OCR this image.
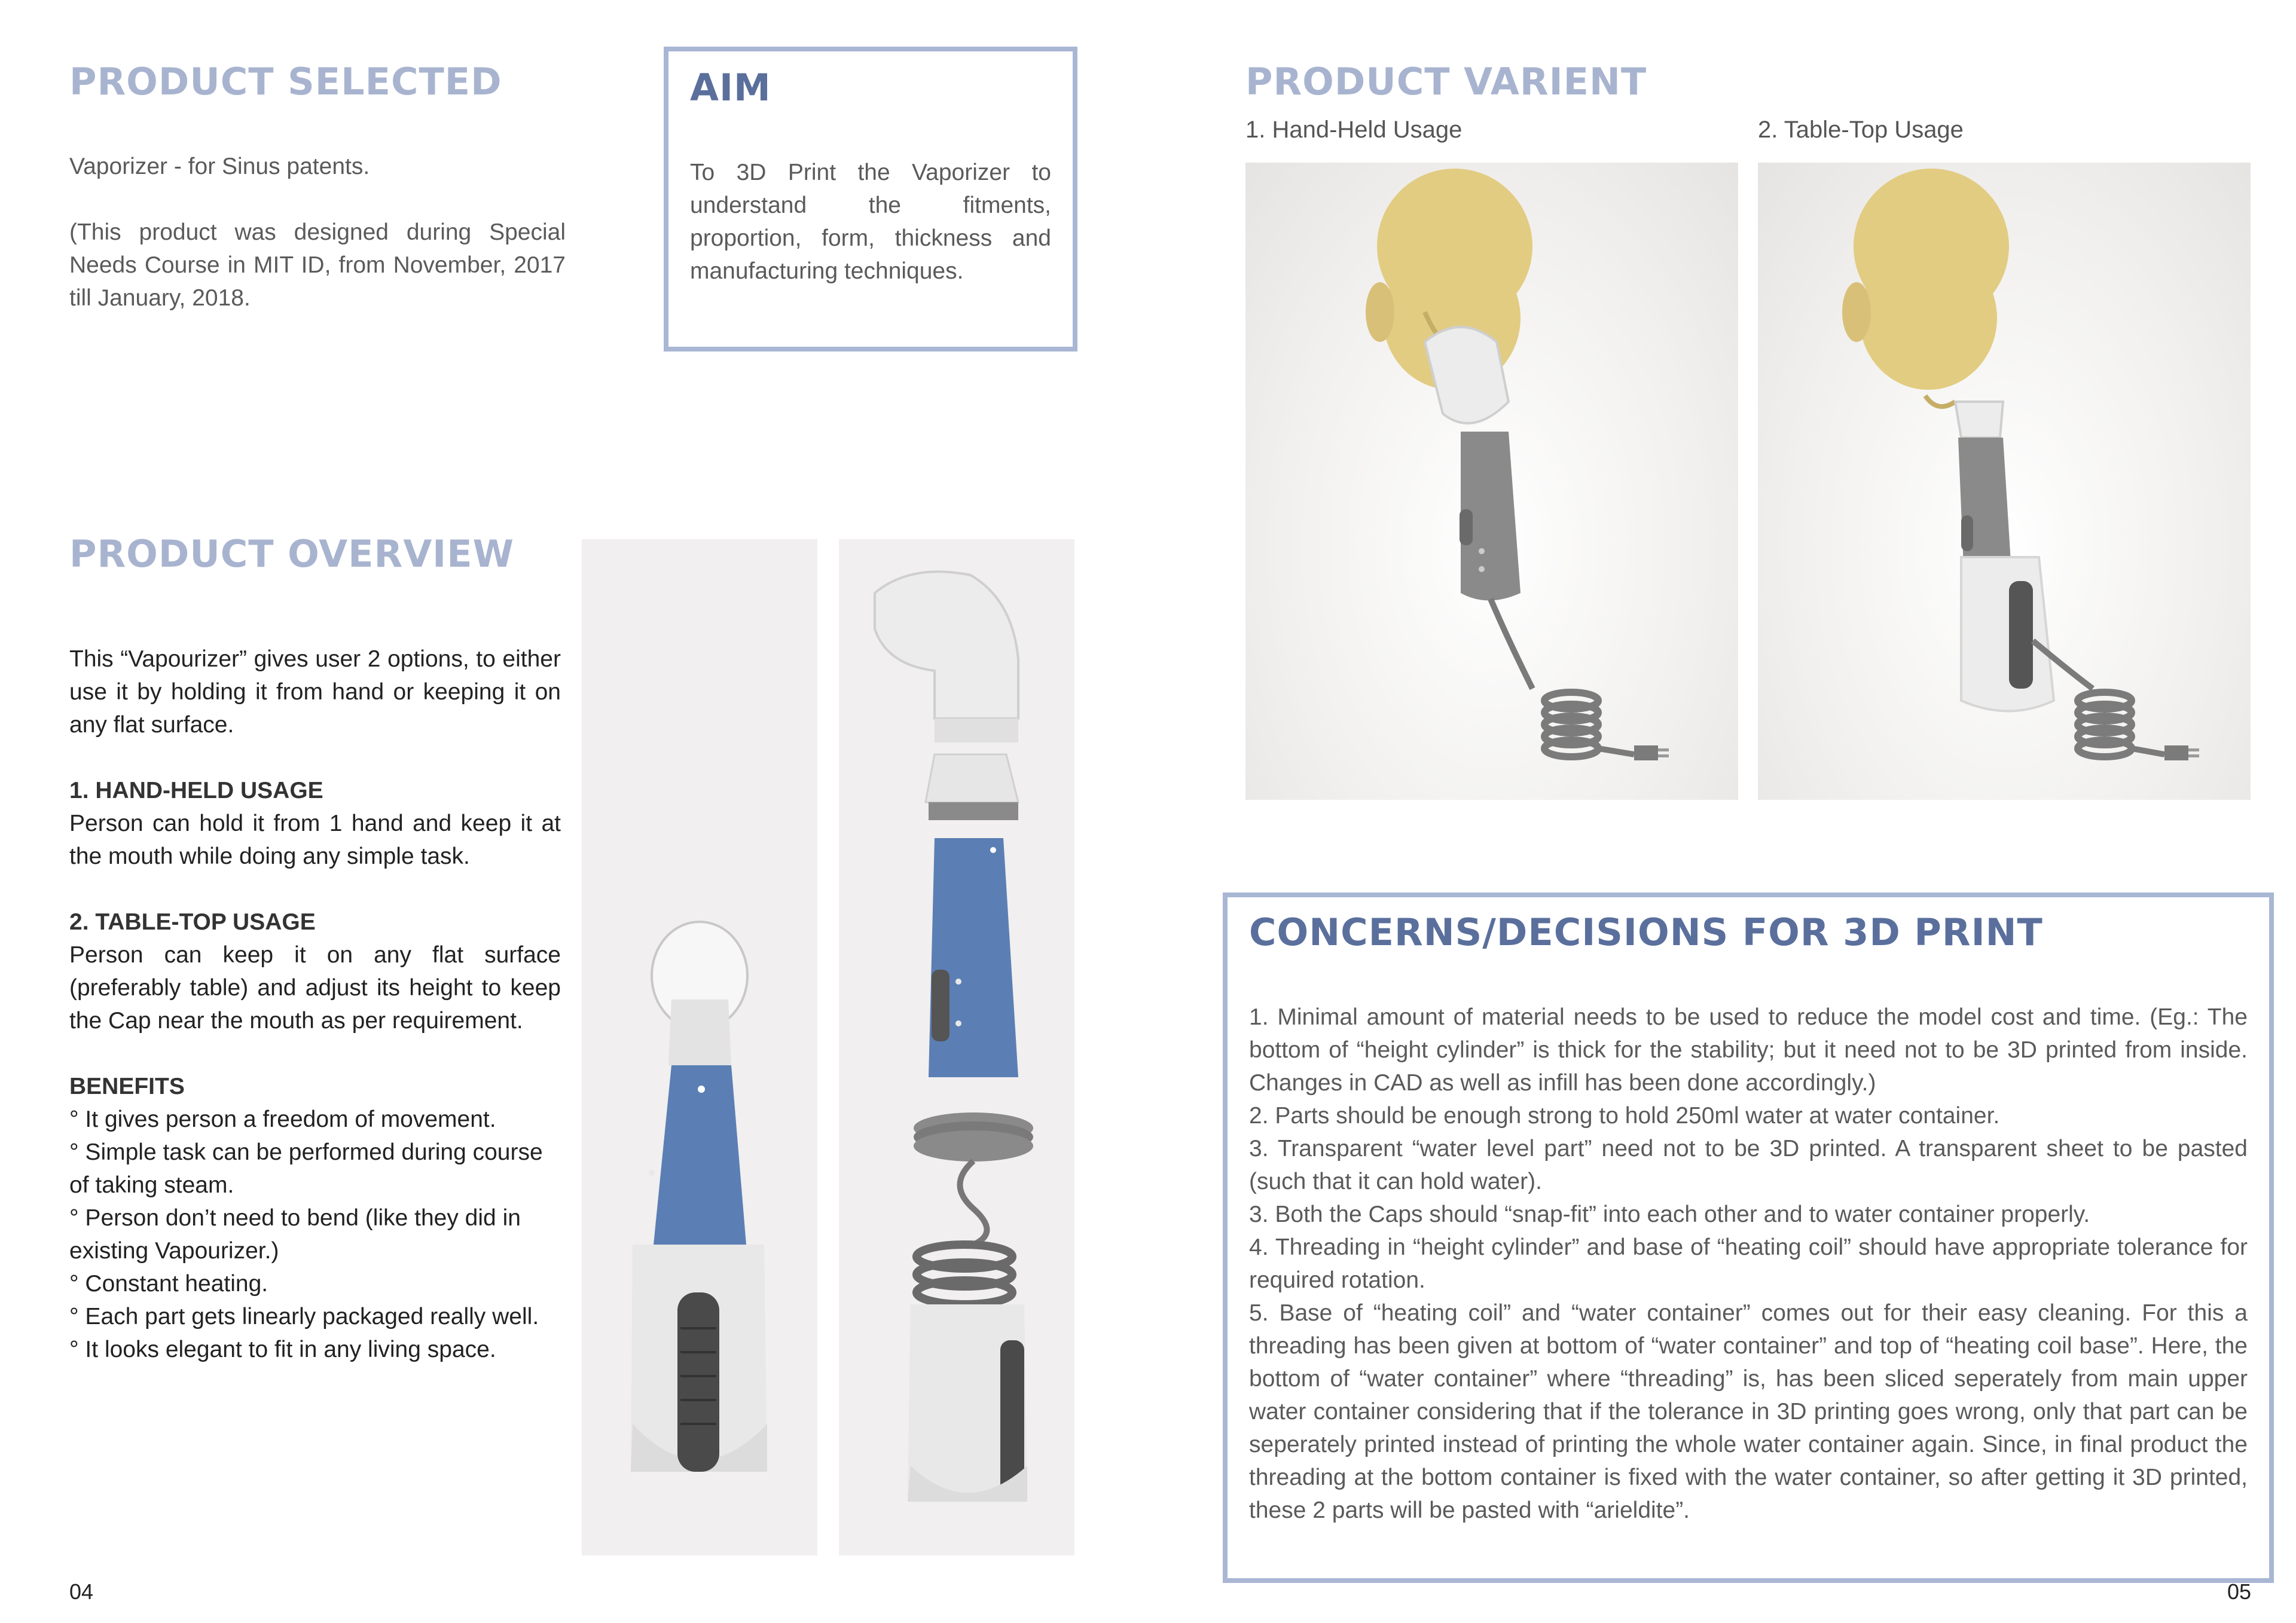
PRODUCT SELECTED

Vaporizer - for Sinus patents.

(This product was designed during Special Needs Course in MIT ID, from November, 2017 till January, 2018.

AIM

To 3D Print the Vaporizer to understand the fitments, proportion, form, thickness and manufacturing techniques.

PRODUCT VARIENT
1. Hand-Held Usage	2. Table-Top Usage
PRODUCT OVERVIEW

This “Vapourizer” gives user 2 options, to either use it by holding it from hand or keeping it on any flat surface.

1. HAND-HELD USAGE

Person can hold it from 1 hand and keep it at the mouth while doing any simple task.

2. TABLE-TOP USAGE

Person can keep it on any flat surface (preferably table) and adjust its height to keep the Cap near the mouth as per requirement.

BENEFITS

° It gives person a freedom of movement.

° Simple task can be performed during course of taking steam.

° Person don’t need to bend (like they did in existing Vapourizer.)

° Constant heating.

° Each part gets linearly packaged really well.

° It looks elegant to fit in any living space.

CONCERNS/DECISIONS FOR 3D PRINT

1. Minimal amount of material needs to be used to reduce the model cost and time. (Eg.: The bottom of “height cylinder” is thick for the stability; but it need not to be 3D printed from inside. Changes in CAD as well as infill has been done accordingly.)

2. Parts should be enough strong to hold 250ml water at water container.

3. Transparent “water level part” need not to be 3D printed. A transparent sheet to be pasted (such that it can hold water).

3. Both the Caps should “snap-fit” into each other and to water container properly.

4. Threading in “height cylinder” and base of “heating coil” should have appropriate tolerance for required rotation.

5. Base of “heating coil” and “water container” comes out for their easy cleaning. For this a threading has been given at bottom of “water container” and top of “heating coil base”. Here, the bottom of “water container” where “threading” is, has been sliced seperately from main upper water container considering that if the tolerance in 3D printing goes wrong, only that part can be seperately printed instead of printing the whole water container again. Since, in final product the threading at the bottom container is fixed with the water container, so after getting it 3D printed, these 2 parts will be pasted with “arieldite”.

04	05
